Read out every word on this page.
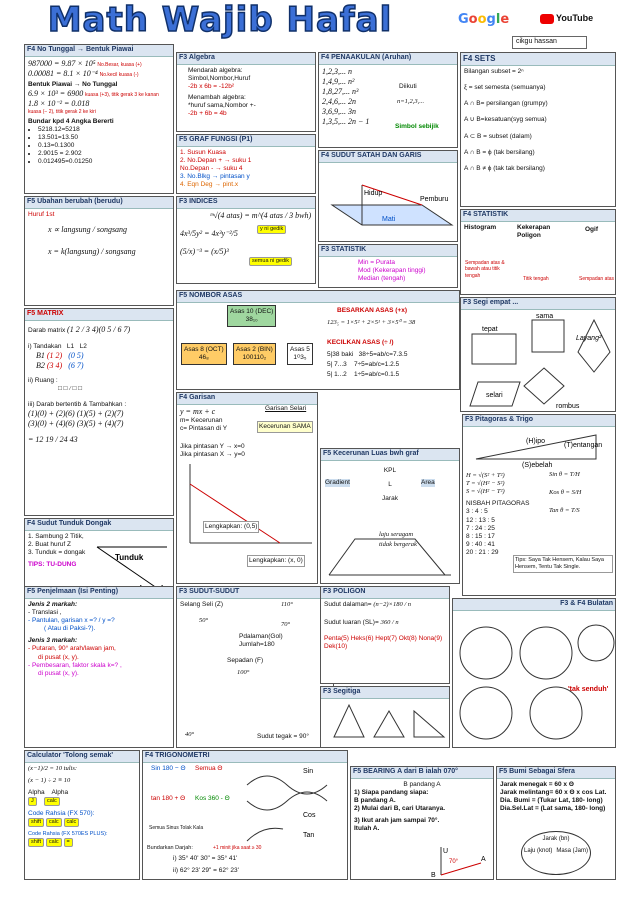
Math Wajib Hafal	Google	YouTube
cikgu hassan
F4 No Tunggal → Bentuk Piawai
987000 = 9.87 × 10⁵ No.Besar, kuasa (+)
0.00081 = 8.1 × 10⁻⁴ No.kecil kuasa (-)
Bentuk Piawai → No Tunggal
6.9 × 10³ = 6900 kuasa (+3), titik gerak 3 ke kanan
1.8 × 10⁻² = 0.018
kuasa (− 2), titik gerak 2 ke kiri
Bundar kpd 4 Angka Bererti
• 5218.12=5218
• 13.501=13.50
• 0.13=0.1300
• 2.9015 = 2.902
• 0.012495=0.01250
F5 Ubahan berubah (berudu)
Huruf 1st
x ∝ langsung / songsang
x = k(langsung) / songsang
F5 MATRIX
Darab matrix (1 2 / 3 4)(0 5 / 6 7)
i) Tandakan L1 L2
B1 (1 2) (0 5)
B2 (3 4) (6 7)
ii) Ruang :
□ □ / □ □
iii) Darab bertentib & Tambahkan :
(1)(0) + (2)(6) (1)(5) + (2)(7)
(3)(0) + (4)(6) (3)(5) + (4)(7)
= 12 19 / 24 43
F4 Sudut Tunduk Dongak
1. Sambung 2 Titik,
2. Buat huruf Z
3. Tunduk = dongak
TIPS: TU-DUNG
Tunduk
F3 Algebra
Mendarab algebra:
Simbol,Nombor,Huruf
-2b x 6b = -12b²
Menambah algebra:
*huruf sama,Nombor +-
-2b + 6b = 4b
F5 GRAF FUNGSI (P1)
1. Susun Kuasa
2. No.Depan + → suku 1
No.Depan - → suku 4
3. No.Blkg → pintasan y
4. Eqn Deg → pint.x
F3 INDICES
ᵐ√(4 atas) = m^(4 atas / 3 bwh)
4x³/5y² = 4x³y⁻²/5
(5/x)⁻³ = (x/5)³
y ni gedik
semua ni gedik
F4 PENAAKULAN (Aruhan)
1,2,3,... n
1,4,9,... n²
1,8,27,... n³
2,4,6,... 2n
3,6,9,... 3n
1,3,5,... 2n − 1
Diikuti
n=1,2,3,...
Simbol sebijik
F4 SUDUT SATAH DAN GARIS
Hidup
Mati
Pemburu
F4 SETS
Bilangan subset = 2ⁿ
ξ = set semesta (semuanya)
A ∩ B= persilangan (grumpy)
A ∪ B=kesatuan(syg semua)
A ⊂ B = subset (dalam)
A ∩ B = ϕ (tak bersilang)
A ∩ B ≠ ϕ (tak tak bersilang)
F3 STATISTIK
Min = Purata
Mod (Kekerapan tinggi)
Median (tengah)
F4 STATISTIK
Histogram	Kekerapan Poligon
Ogif
Sempadan atas & bawah atau titik tengah
Titik tengah	Sempadan atas
F5 NOMBOR ASAS
Asas 10 (DEC)
38₁₀
Asas 8 (OCT)
46₈
Asas 2 (BIN)
100110₂
Asas 5
1ᴼ3₅
BESARKAN ASAS (+x)
123₅ = 1×5² + 2×5¹ + 3×5⁰ = 38
KECILKAN ASAS (÷ /)
5|38 baki   38÷5=ab/c=7.3.5
5| 7...3    7÷5=ab/c=1.2.5
5| 1...2    1÷5=ab/c=0.1.5
F3 Segi empat ...
sama
tepat
Layang²
selari
rombus
F4 Garisan
y = mx + c
m= Kecerunan
c= Pintasan di Y
Garisan Selari
Kecerunan SAMA
Jika pintasan Y → x=0
Jika pintasan X → y=0
Lengkapkan: (0,5)
Lengkapkan: (x, 0)
F5 Kecerunan Luas bwh graf
KPL
L
Jarak
Gradient	Area
laju seragam
tidak bergerak
F3 Pitagoras & Trigo
(H)ipo
(T)entangan
(S)ebelah
H = √(S² + T²)
T = √(H² − S²)
S = √(H² − T²)
Sin θ = T/H
Kos θ = S/H
Tan θ = T/S
NISBAH PITAGORAS
3 : 4 : 5
12 : 13 : 5
7 : 24 : 25
8 : 15 : 17
9 : 40 : 41
20 : 21 : 29
Tips: Saya Tak Hensem, Kalau Saya Hensem, Tentu Tak Single.
F5 Penjelmaan (Isi Penting)
Jenis 2 markah:
- Translasi ,
- Pantulan, garisan x =? / y =?
( Atau di Paksi-?).
Jenis 3 markah:
- Putaran, 90° arah/lawan jam,
di pusat (x, y).
- Pembesaran, faktor skala k=? ,
di pusat (x, y).
F3 SUDUT-SUDUT
Selang Seli (Z)
Pdalaman(Gol) Jumlah=180
Sepadan (F)
Sudut tegak = 90°
50°
110°
70°
100°
40°
F3 POLIGON
Sudut dalaman= (n−2)×180 / n
Sudut luaran (SL)= 360 / n
Penta(5) Heks(6) Hept(7) Okt(8) Nona(9) Dek(10)
F3 Segitiga
F3 & F4 Bulatan
'tak senduh'
Calculator 'Tolong semak'
(x−1)/2 = 10 tulis:
(x − 1) ÷ 2 ≡ 10
Alpha Alpha
J calc
Code Rahsia (FX 570):
shift calc calc
Code Rahsia (FX 570ES PLUS):
shift calc =
F4 TRIGONOMETRI
Sin 180 − Θ	Semua Θ
tan 180 + Θ	Kos 360 - Θ
Semua Sinus Tolak Kala
Bundarkan Darjah:	+1 minit jika saat ≥ 30
i) 35° 40' 30" = 35° 41'
ii) 62° 23' 29" = 62° 23'
Sin
Cos
Tan
F5 BEARING A dari B ialah 070°
B pandang A
1) Siapa pandang siapa:
B pandang A.
2) Mulai dari B, cari Utaranya.
3) Ikut arah jam sampai 70°.
Itulah A.
U
B
A
70°
F5 Bumi Sebagai Sfera
Jarak menegak = 60 x Θ
Jarak melintang= 60 x Θ x cos Lat.
Dia. Bumi = (Tukar Lat, 180- long)
Dia.Sel.Lat = (Lat sama, 180- long)
Jarak (bn)
Laju (knot) Masa (Jam)
